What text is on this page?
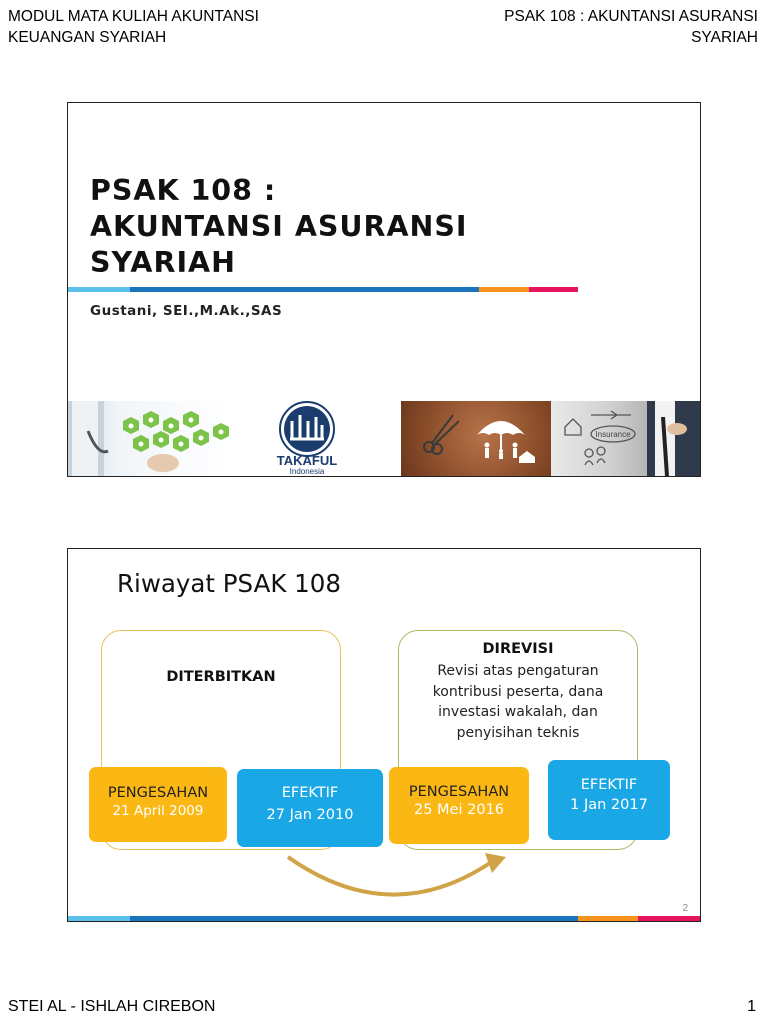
MODUL MATA KULIAH AKUNTANSI
KEUANGAN SYARIAH
PSAK 108 : AKUNTANSI ASURANSI
SYARIAH
PSAK 108 :
AKUNTANSI ASURANSI
SYARIAH
Gustani, SEI.,M.Ak.,SAS
TAKAFUL
Indonesia
Insurance
Riwayat PSAK 108
DITERBITKAN
DIREVISI
Revisi atas pengaturan
kontribusi peserta, dana
investasi wakalah, dan
penyisihan teknis
PENGESAHAN
21 April 2009
EFEKTIF
27 Jan 2010
PENGESAHAN
25 Mei 2016
EFEKTIF
1 Jan 2017
2
STEI AL - ISHLAH CIREBON	1
